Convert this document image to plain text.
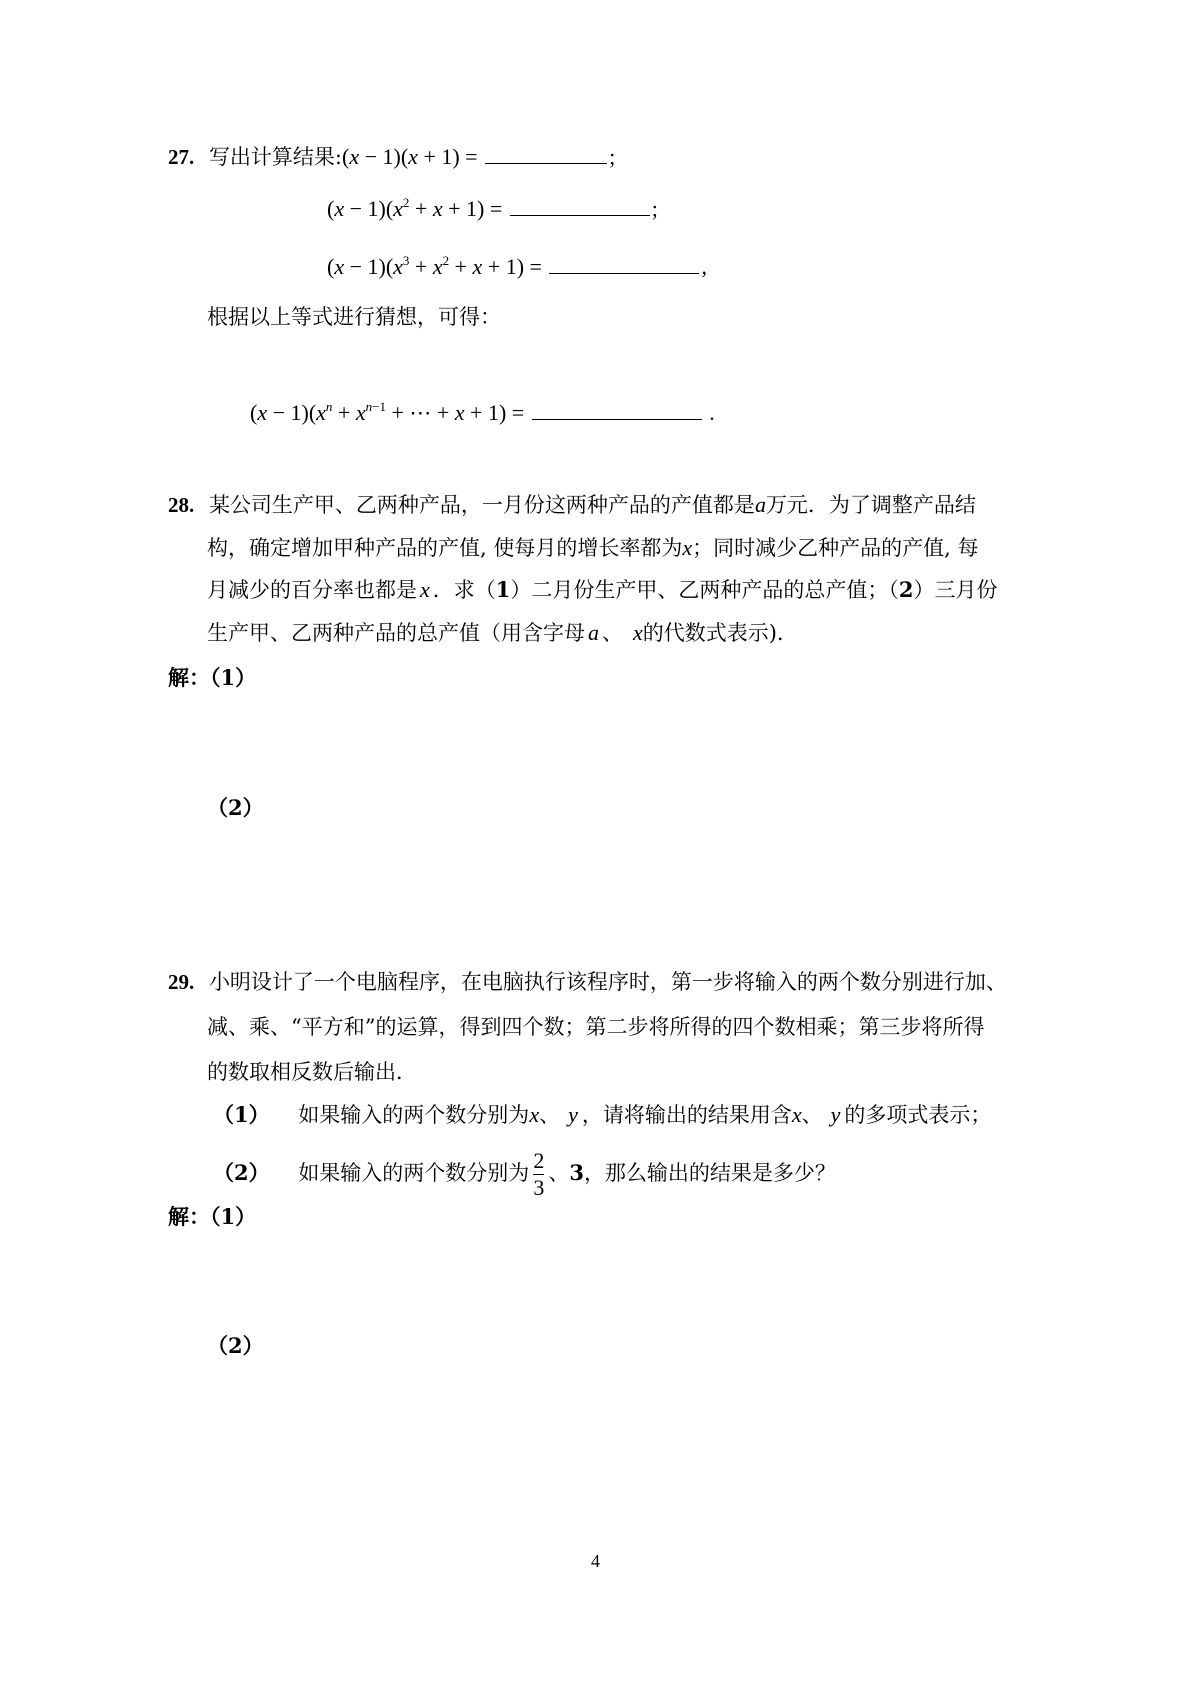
27. 写出计算结果:(x − 1)(x + 1) =	;
$(x - 1)(x^2 + x + 1)$ =	;
$(x - 1)(x^3 + x^2 + x + 1)$ =	,
根据以上等式进行猜想，可得：
$(x - 1)(x^n + x^{n-1}$ + ⋯ + x + 1) =	.
28. 某公司生产甲、乙两种产品，一月份这两种产品的产值都是a万元．为了调整产品结
构，确定增加甲种产品的产值, 使每月的增长率都为x；同时减少乙种产品的产值, 每
月减少的百分率也都是 x ．求（1）二月份生产甲、乙两种产品的总产值；（2）三月份
生产甲、乙两种产品的总产值（用含字母 a 、 x的代数式表示)．
解：（1）
（2）
29. 小明设计了一个电脑程序，在电脑执行该程序时，第一步将输入的两个数分别进行加、
减、乘、“平方和”的运算，得到四个数；第二步将所得的四个数相乘；第三步将所得
的数取相反数后输出．
（1） 如果输入的两个数分别为x、 y ，请将输出的结果用含x、 y 的多项式表示；
（2） 如果输入的两个数分别为 $\frac{2}{3}$ 、3，那么输出的结果是多少？
解：（1）
（2）
4
